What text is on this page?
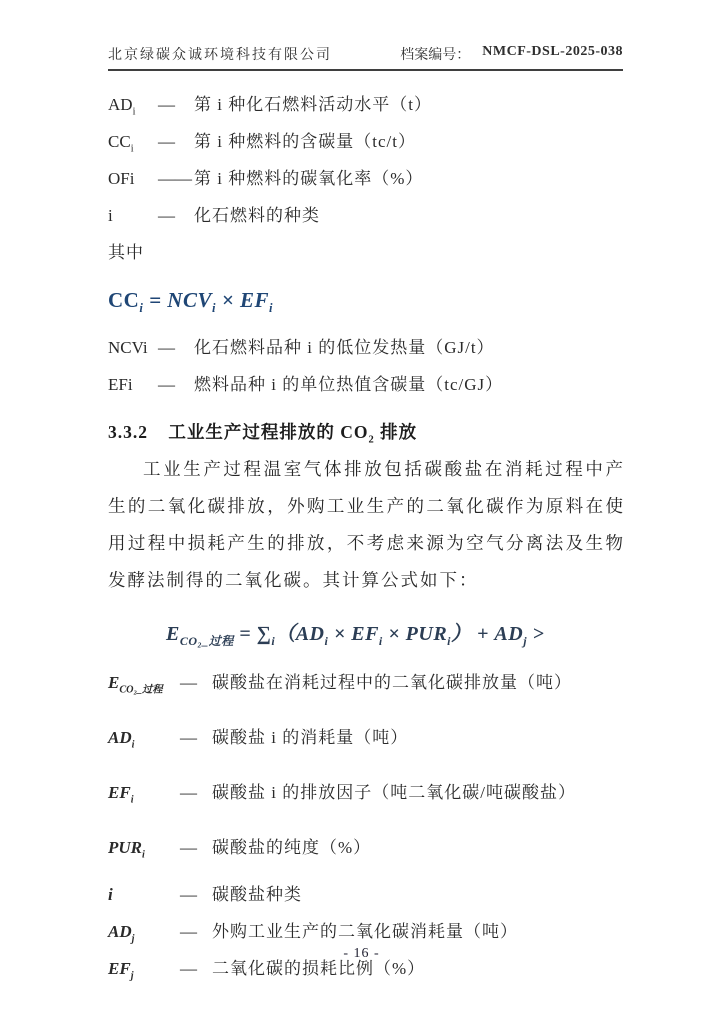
北京绿碳众诚环境科技有限公司	档案编号： NMCF-DSL-2025-038
$AD_i$	—	第 i 种化石燃料活动水平（t）
$CC_i$	—	第 i 种燃料的含碳量（tc/t）
OFi	—— 第 i 种燃料的碳氧化率（%）
i	—	化石燃料的种类
其中
$CC_i = NCV_i \times EF_i$
NCVi —	化石燃料品种 i 的低位发热量（GJ/t）
EFi	—	燃料品种 i 的单位热值含碳量（tc/GJ）
3.3.2 工业生产过程排放的 $CO_2$ 排放
工业生产过程温室气体排放包括碳酸盐在消耗过程中产生的二氧化碳排放，外购工业生产的二氧化碳作为原料在使用过程中损耗产生的排放，不考虑来源为空气分离法及生物发酵法制得的二氧化碳。其计算公式如下：
$E_{CO_2\_过程} = \sum_i(AD_i \times EF_i \times PUR_i) + AD_j$ >
$E_{CO_2\_过程}$	— 碳酸盐在消耗过程中的二氧化碳排放量（吨）
$AD_i$	— 碳酸盐 i 的消耗量（吨）
$EF_i$	— 碳酸盐 i 的排放因子（吨二氧化碳/吨碳酸盐）
$PUR_i$	— 碳酸盐的纯度（%）
i	— 碳酸盐种类
$AD_j$	— 外购工业生产的二氧化碳消耗量（吨）
$EF_j$	— 二氧化碳的损耗比例（%）
- 16 -
